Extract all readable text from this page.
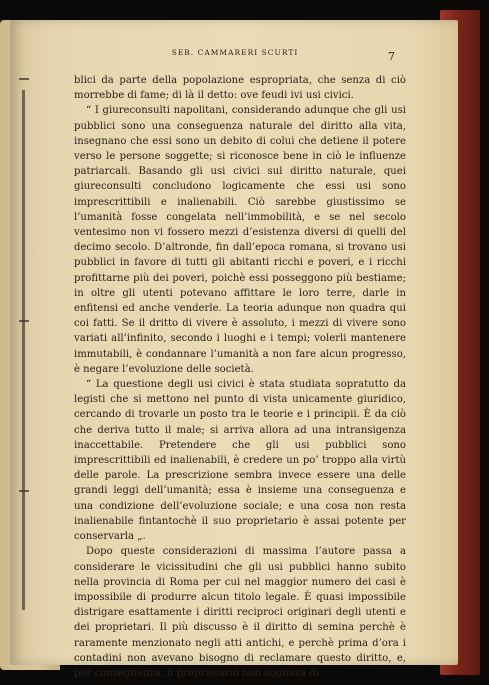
SEB. CAMMARERI SCURTI	7

blici da parte della popolazione espropriata, che senza di ciò morrebbe di fame; di là il detto: ove feudi ivi usi civici.

“ I giureconsulti napolitani, considerando adunque che gli usi pubblici sono una conseguenza naturale del diritto alla vita, insegnano che essi sono un debito di colui che detiene il potere verso le persone soggette; si riconosce bene in ciò le influenze patriarcali. Basando gli usi civici sul diritto naturale, quei giureconsulti concludono logicamente che essi usi sono imprescrittibili e inalienabili. Ciò sarebbe giustissimo se l’umanità fosse congelata nell’immobilità, e se nel secolo ventesimo non vi fossero mezzi d’esistenza diversi di quelli del decimo secolo. D’altronde, fin dall’epoca romana, si trovano usi pubblici in favore di tutti gli abitanti ricchi e poveri, e i ricchi profittarne più dei poveri, poichè essi posseggono più bestiame; in oltre gli utenti potevano affittare le loro terre, darle in enfitensi ed anche venderle. La teoria adunque non quadra qui coi fatti. Se il dritto di vivere è assoluto, i mezzi di vivere sono variati all’infinito, secondo i luoghi e i tempi; volerli mantenere immutabili, è condannare l’umanità a non fare alcun progresso, è negare l’evoluzione delle società.

“ La questione degli usi civici è stata studiata sopratutto da legisti che si mettono nel punto di vista unicamente giuridico, cercando di trovarle un posto tra le teorie e i principii. È da ciò che deriva tutto il male; si arriva allora ad una intransigenza inaccettabile. Pretendere che gli usi pubblici sono imprescrittibili ed inalienabili, è credere un po’ troppo alla virtù delle parole. La prescrizione sembra invece essere una delle grandi leggi dell’umanità; essa è insieme una conseguenza e una condizione dell’evoluzione sociale; e una cosa non resta inalienabile fintantochè il suo proprietario è assai potente per conservarla „.

Dopo queste considerazioni di massima l’autore passa a considerare le vicissitudini che gli usi pubblici hanno subito nella provincia di Roma per cui nel maggior numero dei casi è impossibile di produrre alcun titolo legale. È quasi impossibile distrigare esattamente i diritti reciproci originari degli utenti e dei proprietari. Il più discusso è il diritto di semina perchè è raramente menzionato negli atti antichi, e perchè prima d’ora i contadini non avevano bisogno di reclamare questo diritto, e, per conseguenza, il proprietario non sognava di
